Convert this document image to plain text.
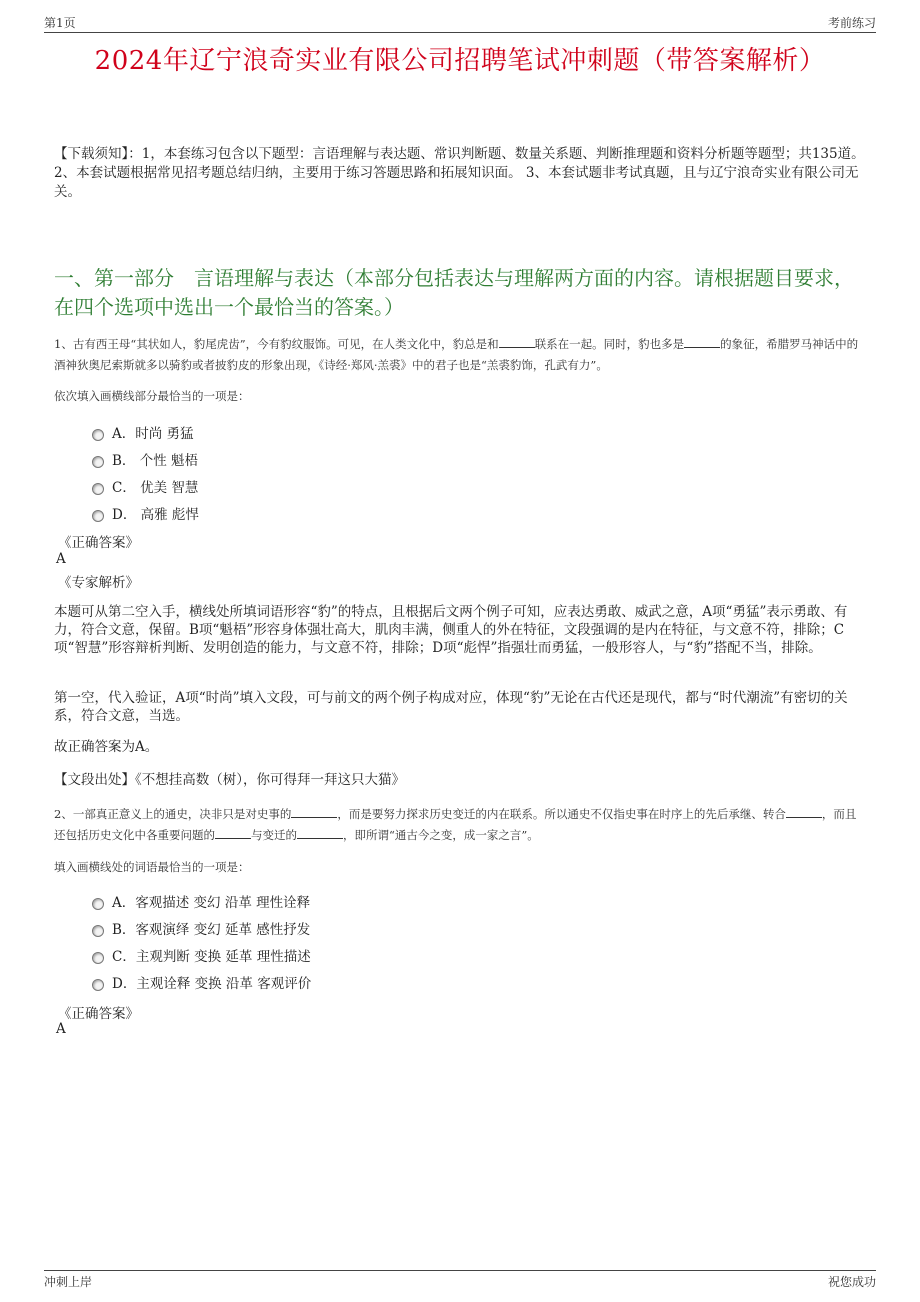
第1页	考前练习
2024年辽宁浪奇实业有限公司招聘笔试冲刺题（带答案解析）
【下载须知】：1，本套练习包含以下题型：言语理解与表达题、常识判断题、数量关系题、判断推理题和资料分析题等题型；共135道。 2、本套试题根据常见招考题总结归纳，主要用于练习答题思路和拓展知识面。 3、本套试题非考试真题，且与辽宁浪奇实业有限公司无关。
一、第一部分　言语理解与表达（本部分包括表达与理解两方面的内容。请根据题目要求，在四个选项中选出一个最恰当的答案。）
1、古有西王母“其状如人，豹尾虎齿”，今有豹纹服饰。可见，在人类文化中，豹总是和	联系在一起。同时，豹也多是	的象征，希腊罗马神话中的酒神狄奥尼索斯就多以骑豹或者披豹皮的形象出现，《诗经·郑风·羔裘》中的君子也是“羔裘豹饰，孔武有力”。
依次填入画横线部分最恰当的一项是：
A．时尚 勇猛
B． 个性 魁梧
C． 优美 智慧
D． 高雅 彪悍
《正确答案》
A
《专家解析》
本题可从第二空入手，横线处所填词语形容“豹”的特点，且根据后文两个例子可知，应表达勇敢、威武之意，A项“勇猛”表示勇敢、有力，符合文意，保留。B项“魁梧”形容身体强壮高大，肌肉丰满，侧重人的外在特征，文段强调的是内在特征，与文意不符，排除；C项“智慧”形容辩析判断、发明创造的能力，与文意不符，排除；D项“彪悍”指强壮而勇猛，一般形容人，与“豹”搭配不当，排除。
第一空，代入验证，A项“时尚”填入文段，可与前文的两个例子构成对应，体现“豹”无论在古代还是现代，都与“时代潮流”有密切的关系，符合文意，当选。
故正确答案为A。
【文段出处】《不想挂高数（树），你可得拜一拜这只大猫》
2、一部真正意义上的通史，决非只是对史事的	，而是要努力探求历史变迁的内在联系。所以通史不仅指史事在时序上的先后承继、转合	，而且还包括历史文化中各重要问题的	与变迁的	，即所谓“通古今之变，成一家之言”。
填入画横线处的词语最恰当的一项是：
A．客观描述 变幻 沿革 理性诠释
B．客观演绎 变幻 延革 感性抒发
C．主观判断 变换 延革 理性描述
D．主观诠释 变换 沿革 客观评价
《正确答案》
A
冲刺上岸	祝您成功
